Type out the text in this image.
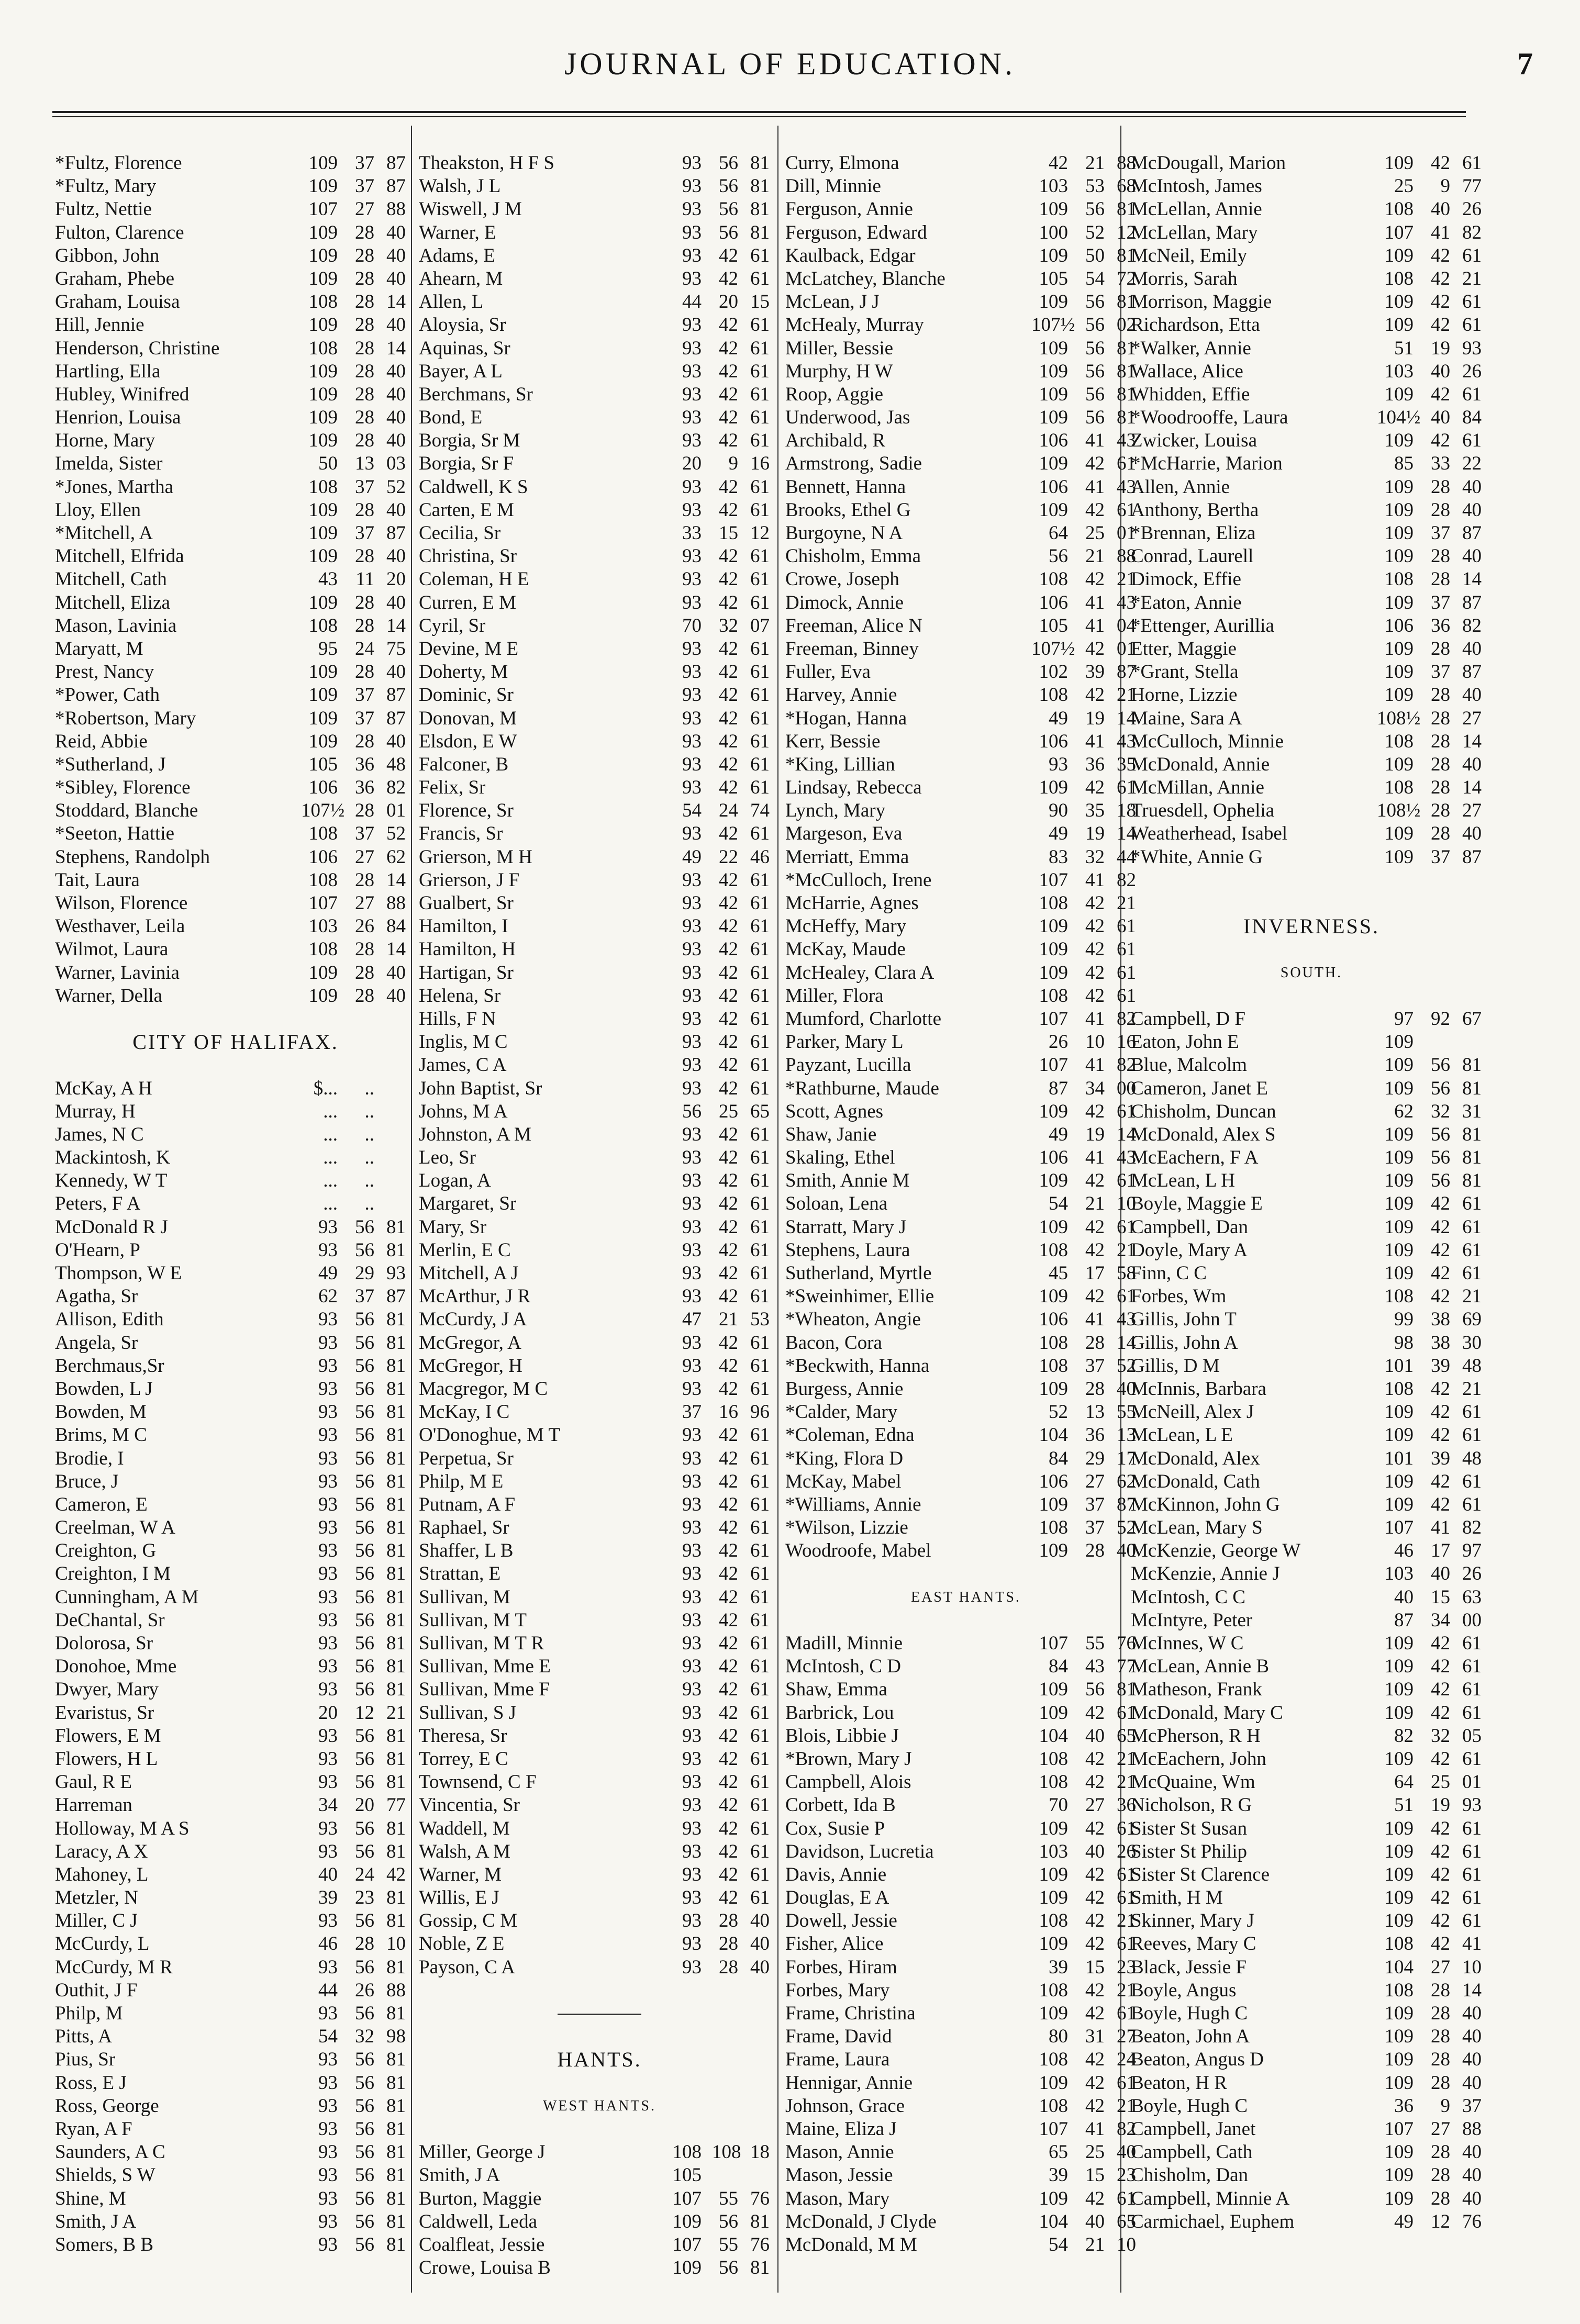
JOURNAL OF EDUCATION.	7
*Fultz, Florence	109 37 87
*Fultz, Mary	109 37 87
Fultz, Nettie	107 27 88
Fulton, Clarence	109 28 40
Gibbon, John	109 28 40
Graham, Phebe	109 28 40
Graham, Louisa	108 28 14
Hill, Jennie	109 28 40
Henderson, Christine	108 28 14
Hartling, Ella	109 28 40
Hubley, Winifred	109 28 40
Henrion, Louisa	109 28 40
Horne, Mary	109 28 40
Imelda, Sister	50 13 03
*Jones, Martha	108 37 52
Lloy, Ellen	109 28 40
*Mitchell, A	109 37 87
Mitchell, Elfrida	109 28 40
Mitchell, Cath	43 11 20
Mitchell, Eliza	109 28 40
Mason, Lavinia	108 28 14
Maryatt, M	95 24 75
Prest, Nancy	109 28 40
*Power, Cath	109 37 87
*Robertson, Mary	109 37 87
Reid, Abbie	109 28 40
*Sutherland, J	105 36 48
*Sibley, Florence	106 36 82
Stoddard, Blanche	107½ 28 01
*Seeton, Hattie	108 37 52
Stephens, Randolph	106 27 62
Tait, Laura	108 28 14
Wilson, Florence	107 27 88
Westhaver, Leila	103 26 84
Wilmot, Laura	108 28 14
Warner, Lavinia	109 28 40
Warner, Della	109 28 40
CITY OF HALIFAX.
McKay, A H	$...	..
Murray, H	...	..
James, N C	...	..
Mackintosh, K	...	..
Kennedy, W T	...	..
Peters, F A	...	..
McDonald R J	93 56 81
O'Hearn, P	93 56 81
Thompson, W E	49 29 93
Agatha, Sr	62 37 87
Allison, Edith	93 56 81
Angela, Sr	93 56 81
Berchmaus,Sr	93 56 81
Bowden, L J	93 56 81
Bowden, M	93 56 81
Brims, M C	93 56 81
Brodie, I	93 56 81
Bruce, J	93 56 81
Cameron, E	93 56 81
Creelman, W A	93 56 81
Creighton, G	93 56 81
Creighton, I M	93 56 81
Cunningham, A M	93 56 81
DeChantal, Sr	93 56 81
Dolorosa, Sr	93 56 81
Donohoe, Mme	93 56 81
Dwyer, Mary	93 56 81
Evaristus, Sr	20 12 21
Flowers, E M	93 56 81
Flowers, H L	93 56 81
Gaul, R E	93 56 81
Harreman	34 20 77
Holloway, M A S	93 56 81
Laracy, A X	93 56 81
Mahoney, L	40 24 42
Metzler, N	39 23 81
Miller, C J	93 56 81
McCurdy, L	46 28 10
McCurdy, M R	93 56 81
Outhit, J F	44 26 88
Philp, M	93 56 81
Pitts, A	54 32 98
Pius, Sr	93 56 81
Ross, E J	93 56 81
Ross, George	93 56 81
Ryan, A F	93 56 81
Saunders, A C	93 56 81
Shields, S W	93 56 81
Shine, M	93 56 81
Smith, J A	93 56 81
Somers, B B	93 56 81
Theakston, H F S	93 56 81
Walsh, J L	93 56 81
Wiswell, J M	93 56 81
Warner, E	93 56 81
Adams, E	93 42 61
Ahearn, M	93 42 61
Allen, L	44 20 15
Aloysia, Sr	93 42 61
Aquinas, Sr	93 42 61
Bayer, A L	93 42 61
Berchmans, Sr	93 42 61
Bond, E	93 42 61
Borgia, Sr M	93 42 61
Borgia, Sr F	20	9 16
Caldwell, K S	93 42 61
Carten, E M	93 42 61
Cecilia, Sr	33 15 12
Christina, Sr	93 42 61
Coleman, H E	93 42 61
Curren, E M	93 42 61
Cyril, Sr	70 32 07
Devine, M E	93 42 61
Doherty, M	93 42 61
Dominic, Sr	93 42 61
Donovan, M	93 42 61
Elsdon, E W	93 42 61
Falconer, B	93 42 61
Felix, Sr	93 42 61
Florence, Sr	54 24 74
Francis, Sr	93 42 61
Grierson, M H	49 22 46
Grierson, J F	93 42 61
Gualbert, Sr	93 42 61
Hamilton, I	93 42 61
Hamilton, H	93 42 61
Hartigan, Sr	93 42 61
Helena, Sr	93 42 61
Hills, F N	93 42 61
Inglis, M C	93 42 61
James, C A	93 42 61
John Baptist, Sr	93 42 61
Johns, M A	56 25 65
Johnston, A M	93 42 61
Leo, Sr	93 42 61
Logan, A	93 42 61
Margaret, Sr	93 42 61
Mary, Sr	93 42 61
Merlin, E C	93 42 61
Mitchell, A J	93 42 61
McArthur, J R	93 42 61
McCurdy, J A	47 21 53
McGregor, A	93 42 61
McGregor, H	93 42 61
Macgregor, M C	93 42 61
McKay, I C	37 16 96
O'Donoghue, M T	93 42 61
Perpetua, Sr	93 42 61
Philp, M E	93 42 61
Putnam, A F	93 42 61
Raphael, Sr	93 42 61
Shaffer, L B	93 42 61
Strattan, E	93 42 61
Sullivan, M	93 42 61
Sullivan, M T	93 42 61
Sullivan, M T R	93 42 61
Sullivan, Mme E	93 42 61
Sullivan, Mme F	93 42 61
Sullivan, S J	93 42 61
Theresa, Sr	93 42 61
Torrey, E C	93 42 61
Townsend, C F	93 42 61
Vincentia, Sr	93 42 61
Waddell, M	93 42 61
Walsh, A M	93 42 61
Warner, M	93 42 61
Willis, E J	93 42 61
Gossip, C M	93 28 40
Noble, Z E	93 28 40
Payson, C A	93 28 40
HANTS.
WEST HANTS.
Miller, George J	108 108 18
Smith, J A	105
Burton, Maggie	107 55 76
Caldwell, Leda	109 56 81
Coalfleat, Jessie	107 55 76
Crowe, Louisa B	109 56 81
Curry, Elmona	42 21 88
Dill, Minnie	103 53 68
Ferguson, Annie	109 56 81
Ferguson, Edward	100 52 12
Kaulback, Edgar	109 50 81
McLatchey, Blanche	105 54 72
McLean, J J	109 56 81
McHealy, Murray	107½ 56 02
Miller, Bessie	109 56 81
Murphy, H W	109 56 81
Roop, Aggie	109 56 81
Underwood, Jas	109 56 81
Archibald, R	106 41 43
Armstrong, Sadie	109 42 61
Bennett, Hanna	106 41 43
Brooks, Ethel G	109 42 61
Burgoyne, N A	64 25 01
Chisholm, Emma	56 21 88
Crowe, Joseph	108 42 21
Dimock, Annie	106 41 43
Freeman, Alice N	105 41 04
Freeman, Binney	107½ 42 01
Fuller, Eva	102 39 87
Harvey, Annie	108 42 21
*Hogan, Hanna	49 19 14
Kerr, Bessie	106 41 43
*King, Lillian	93 36 35
Lindsay, Rebecca	109 42 61
Lynch, Mary	90 35 18
Margeson, Eva	49 19 14
Merriatt, Emma	83 32 44
*McCulloch, Irene	107 41 82
McHarrie, Agnes	108 42 21
McHeffy, Mary	109 42 61
McKay, Maude	109 42 61
McHealey, Clara A	109 42 61
Miller, Flora	108 42 61
Mumford, Charlotte	107 41 82
Parker, Mary L	26 10 16
Payzant, Lucilla	107 41 82
*Rathburne, Maude	87 34 00
Scott, Agnes	109 42 61
Shaw, Janie	49 19 14
Skaling, Ethel	106 41 43
Smith, Annie M	109 42 61
Soloan, Lena	54 21 10
Starratt, Mary J	109 42 61
Stephens, Laura	108 42 21
Sutherland, Myrtle	45 17 58
*Sweinhimer, Ellie	109 42 61
*Wheaton, Angie	106 41 43
Bacon, Cora	108 28 14
*Beckwith, Hanna	108 37 52
Burgess, Annie	109 28 40
*Calder, Mary	52 13 55
*Coleman, Edna	104 36 13
*King, Flora D	84 29 17
McKay, Mabel	106 27 62
*Williams, Annie	109 37 87
*Wilson, Lizzie	108 37 52
Woodroofe, Mabel	109 28 40
EAST HANTS.
Madill, Minnie	107 55 76
McIntosh, C D	84 43 77
Shaw, Emma	109 56 81
Barbrick, Lou	109 42 61
Blois, Libbie J	104 40 65
*Brown, Mary J	108 42 21
Campbell, Alois	108 42 21
Corbett, Ida B	70 27 36
Cox, Susie P	109 42 61
Davidson, Lucretia	103 40 26
Davis, Annie	109 42 61
Douglas, E A	109 42 61
Dowell, Jessie	108 42 21
Fisher, Alice	109 42 61
Forbes, Hiram	39 15 23
Forbes, Mary	108 42 21
Frame, Christina	109 42 61
Frame, David	80 31 27
Frame, Laura	108 42 24
Hennigar, Annie	109 42 61
Johnson, Grace	108 42 21
Maine, Eliza J	107 41 82
Mason, Annie	65 25 40
Mason, Jessie	39 15 23
Mason, Mary	109 42 61
McDonald, J Clyde	104 40 65
McDonald, M M	54 21 10
McDougall, Marion	109 42 61
McIntosh, James	25	9 77
McLellan, Annie	108 40 26
McLellan, Mary	107 41 82
McNeil, Emily	109 42 61
Morris, Sarah	108 42 21
Morrison, Maggie	109 42 61
Richardson, Etta	109 42 61
*Walker, Annie	51 19 93
Wallace, Alice	103 40 26
Whidden, Effie	109 42 61
*Woodrooffe, Laura	104½ 40 84
Zwicker, Louisa	109 42 61
*McHarrie, Marion	85 33 22
Allen, Annie	109 28 40
Anthony, Bertha	109 28 40
*Brennan, Eliza	109 37 87
Conrad, Laurell	109 28 40
Dimock, Effie	108 28 14
*Eaton, Annie	109 37 87
*Ettenger, Aurillia	106 36 82
Etter, Maggie	109 28 40
*Grant, Stella	109 37 87
Horne, Lizzie	109 28 40
Maine, Sara A	108½ 28 27
McCulloch, Minnie	108 28 14
McDonald, Annie	109 28 40
McMillan, Annie	108 28 14
Truesdell, Ophelia	108½ 28 27
Weatherhead, Isabel	109 28 40
*White, Annie G	109 37 87
INVERNESS.
SOUTH.
Campbell, D F	97 92 67
Eaton, John E	109
Blue, Malcolm	109 56 81
Cameron, Janet E	109 56 81
Chisholm, Duncan	62 32 31
McDonald, Alex S	109 56 81
McEachern, F A	109 56 81
McLean, L H	109 56 81
Boyle, Maggie E	109 42 61
Campbell, Dan	109 42 61
Doyle, Mary A	109 42 61
Finn, C C	109 42 61
Forbes, Wm	108 42 21
Gillis, John T	99 38 69
Gillis, John A	98 38 30
Gillis, D M	101 39 48
McInnis, Barbara	108 42 21
McNeill, Alex J	109 42 61
McLean, L E	109 42 61
McDonald, Alex	101 39 48
McDonald, Cath	109 42 61
McKinnon, John G	109 42 61
McLean, Mary S	107 41 82
McKenzie, George W	46 17 97
McKenzie, Annie J	103 40 26
McIntosh, C C	40 15 63
McIntyre, Peter	87 34 00
McInnes, W C	109 42 61
McLean, Annie B	109 42 61
Matheson, Frank	109 42 61
McDonald, Mary C	109 42 61
McPherson, R H	82 32 05
McEachern, John	109 42 61
McQuaine, Wm	64 25 01
Nicholson, R G	51 19 93
Sister St Susan	109 42 61
Sister St Philip	109 42 61
Sister St Clarence	109 42 61
Smith, H M	109 42 61
Skinner, Mary J	109 42 61
Reeves, Mary C	108 42 41
Black, Jessie F	104 27 10
Boyle, Angus	108 28 14
Boyle, Hugh C	109 28 40
Beaton, John A	109 28 40
Beaton, Angus D	109 28 40
Beaton, H R	109 28 40
Boyle, Hugh C	36	9 37
Campbell, Janet	107 27 88
Campbell, Cath	109 28 40
Chisholm, Dan	109 28 40
Campbell, Minnie A	109 28 40
Carmichael, Euphem	49 12 76
